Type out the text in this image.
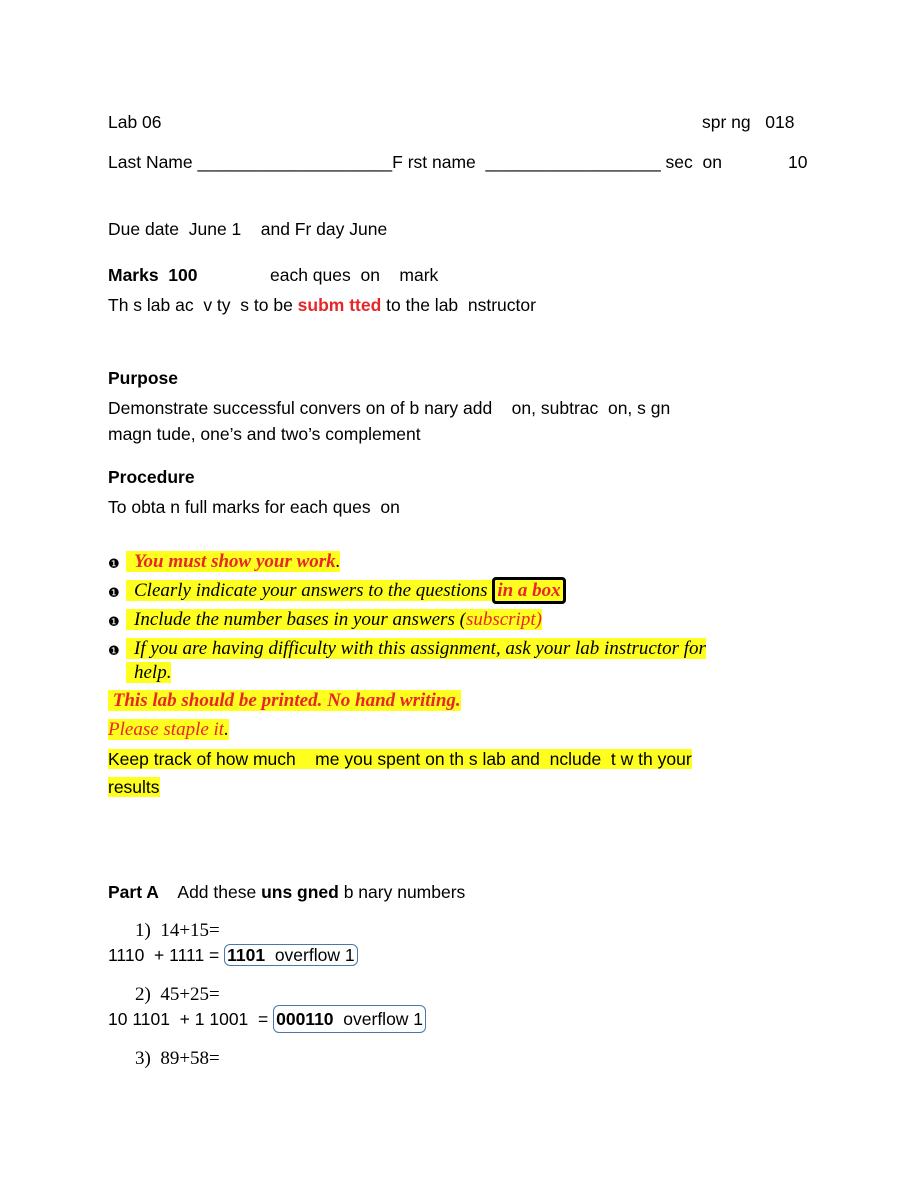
Lab 06	spr ng   018
Last Name ____________________F rst name  __________________ sec  on	10
Due date  June 1    and Fr day June
Marks  100	each ques  on    mark
Th s lab ac  v ty  s to be subm tted to the lab  nstructor
Purpose
Demonstrate successful convers on of b nary add    on, subtrac  on, s gn
magn tude, one’s and two’s complement
Procedure
To obta n full marks for each ques  on
❶ You must show your work.
❶ Clearly indicate your answers to the questions in a box
❶ Include the number bases in your answers (subscript)
❶ If you are having difficulty with this assignment, ask your lab instructor for
help.
This lab should be printed. No hand writing.
Please staple it.
Keep track of how much    me you spent on th s lab and  nclude  t w th your
results
Part A Add these uns gned b nary numbers
1)  14+15=
1110  + 1111 = 1101  overflow 1
2)  45+25=
10 1101  + 1 1001  = 000110  overflow 1
3)  89+58=
